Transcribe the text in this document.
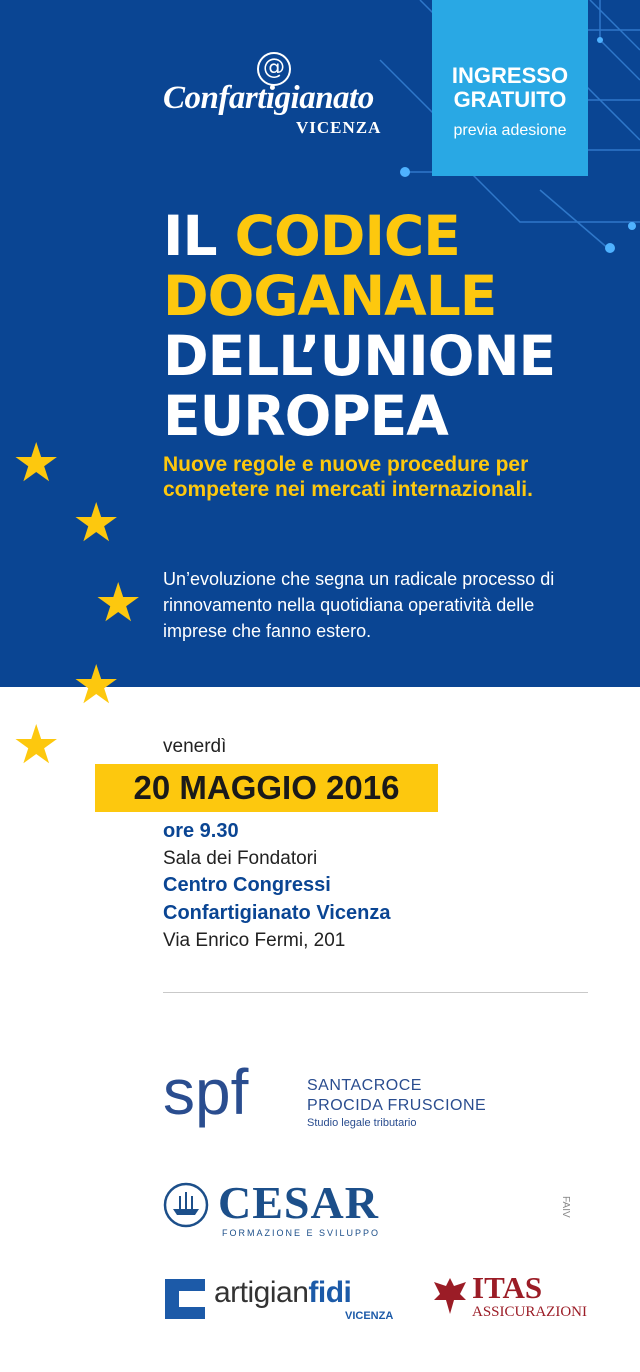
@
Confartigianato
VICENZA
INGRESSO
GRATUITO
previa adesione
IL CODICE
DOGANALE
DELL’UNIONE
EUROPEA
Nuove regole e nuove procedure per competere nei mercati internazionali.
Un’evoluzione che segna un radicale processo di rinnovamento nella quotidiana operatività delle imprese che fanno estero.
★
★
★
★
★	venerdì
20 MAGGIO 2016
ore 9.30
Sala dei Fondatori
Centro Congressi
Confartigianato Vicenza
Via Enrico Fermi, 201
spf	SANTACROCE
PROCIDA FRUSCIONE
Studio legale tributario
CESAR
FORMAZIONE E SVILUPPO
FAIV
artigianfidi
VICENZA
ITAS
ASSICURAZIONI
